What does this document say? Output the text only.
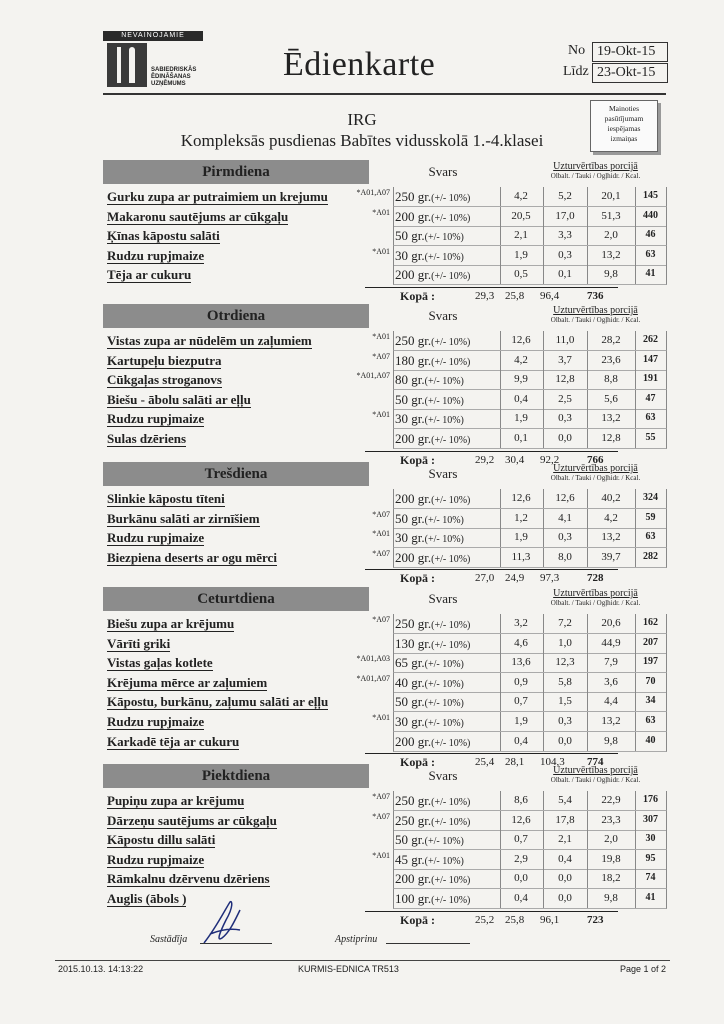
NEVAINOJAMIE
SABIEDRISKĀS
ĒDINĀŠANAS
UZŅĒMUMS
Ēdienkarte	No 19-Okt-15
Līdz 23-Okt-15
Mainoties
pasūtījumam
iespējamas
izmaiņas
IRG
Kompleksās pusdienas Babītes vidusskolā 1.-4.klasei
Pirmdiena	Svars	Uzturvērtības porcijā
Olbalt. / Tauki / Ogļhidr. / Kcal.
Gurku zupa ar putraimiem un krejumu	*A01,A07 250 gr.(+/- 10%)	4,2	5,2	20,1	145
Makaronu sautējums ar cūkgaļu	*A01 200 gr.(+/- 10%)	20,5	17,0	51,3	440
Ķīnas kāpostu salāti	50 gr.(+/- 10%)	2,1	3,3	2,0	46
Rudzu rupjmaize	*A01 30 gr.(+/- 10%)	1,9	0,3	13,2	63
Tēja ar cukuru	200 gr.(+/- 10%)	0,5	0,1	9,8	41
Kopā :	29,3 25,8 96,4	736
Otrdiena	Svars	Uzturvērtības porcijā
Olbalt. / Tauki / Ogļhidr. / Kcal.
Vistas zupa ar nūdelēm un zaļumiem	*A01 250 gr.(+/- 10%)	12,6	11,0	28,2	262
Kartupeļu biezputra	*A07 180 gr.(+/- 10%)	4,2	3,7	23,6	147
Cūkgaļas stroganovs	*A01,A07 80 gr.(+/- 10%)	9,9	12,8	8,8	191
Biešu - ābolu salāti ar eļļu	50 gr.(+/- 10%)	0,4	2,5	5,6	47
Rudzu rupjmaize	*A01 30 gr.(+/- 10%)	1,9	0,3	13,2	63
Sulas dzēriens	200 gr.(+/- 10%)	0,1	0,0	12,8	55
Kopā :	29,2 30,4 92,2	766
Trešdiena	Svars	Uzturvērtības porcijā
Olbalt. / Tauki / Ogļhidr. / Kcal.
Slinkie kāpostu tīteni	200 gr.(+/- 10%)	12,6	12,6	40,2	324
Burkānu salāti ar zirnīšiem	*A07 50 gr.(+/- 10%)	1,2	4,1	4,2	59
Rudzu rupjmaize	*A01 30 gr.(+/- 10%)	1,9	0,3	13,2	63
Biezpiena deserts ar ogu mērci	*A07 200 gr.(+/- 10%)	11,3	8,0	39,7	282
Kopā :	27,0 24,9 97,3	728
Ceturtdiena	Svars	Uzturvērtības porcijā
Olbalt. / Tauki / Ogļhidr. / Kcal.
Biešu zupa ar krējumu	*A07 250 gr.(+/- 10%)	3,2	7,2	20,6	162
Vārīti griki	130 gr.(+/- 10%)	4,6	1,0	44,9	207
Vistas gaļas kotlete	*A01,A03 65 gr.(+/- 10%)	13,6	12,3	7,9	197
Krējuma mērce ar zaļumiem	*A01,A07 40 gr.(+/- 10%)	0,9	5,8	3,6	70
Kāpostu, burkānu, zaļumu salāti ar eļļu	50 gr.(+/- 10%)	0,7	1,5	4,4	34
Rudzu rupjmaize	*A01 30 gr.(+/- 10%)	1,9	0,3	13,2	63
Karkadē tēja ar cukuru	200 gr.(+/- 10%)	0,4	0,0	9,8	40
Kopā :	25,4 28,1 104,3 774
Piektdiena	Svars	Uzturvērtības porcijā
Olbalt. / Tauki / Ogļhidr. / Kcal.
Pupiņu zupa ar krējumu	*A07 250 gr.(+/- 10%)	8,6	5,4	22,9	176
Dārzeņu sautējums ar cūkgaļu	*A07 250 gr.(+/- 10%)	12,6	17,8	23,3	307
Kāpostu dillu salāti	50 gr.(+/- 10%)	0,7	2,1	2,0	30
Rudzu rupjmaize	*A01 45 gr.(+/- 10%)	2,9	0,4	19,8	95
Rāmkalnu dzērvenu dzēriens	200 gr.(+/- 10%)	0,0	0,0	18,2	74
Auglis (ābols )	100 gr.(+/- 10%)	0,4	0,0	9,8	41
Kopā :	25,2 25,8 96,1	723
Sastādīja	Apstiprinu
2015.10.13. 14:13:22	KURMIS-EDNICA TR513	Page 1 of 2
